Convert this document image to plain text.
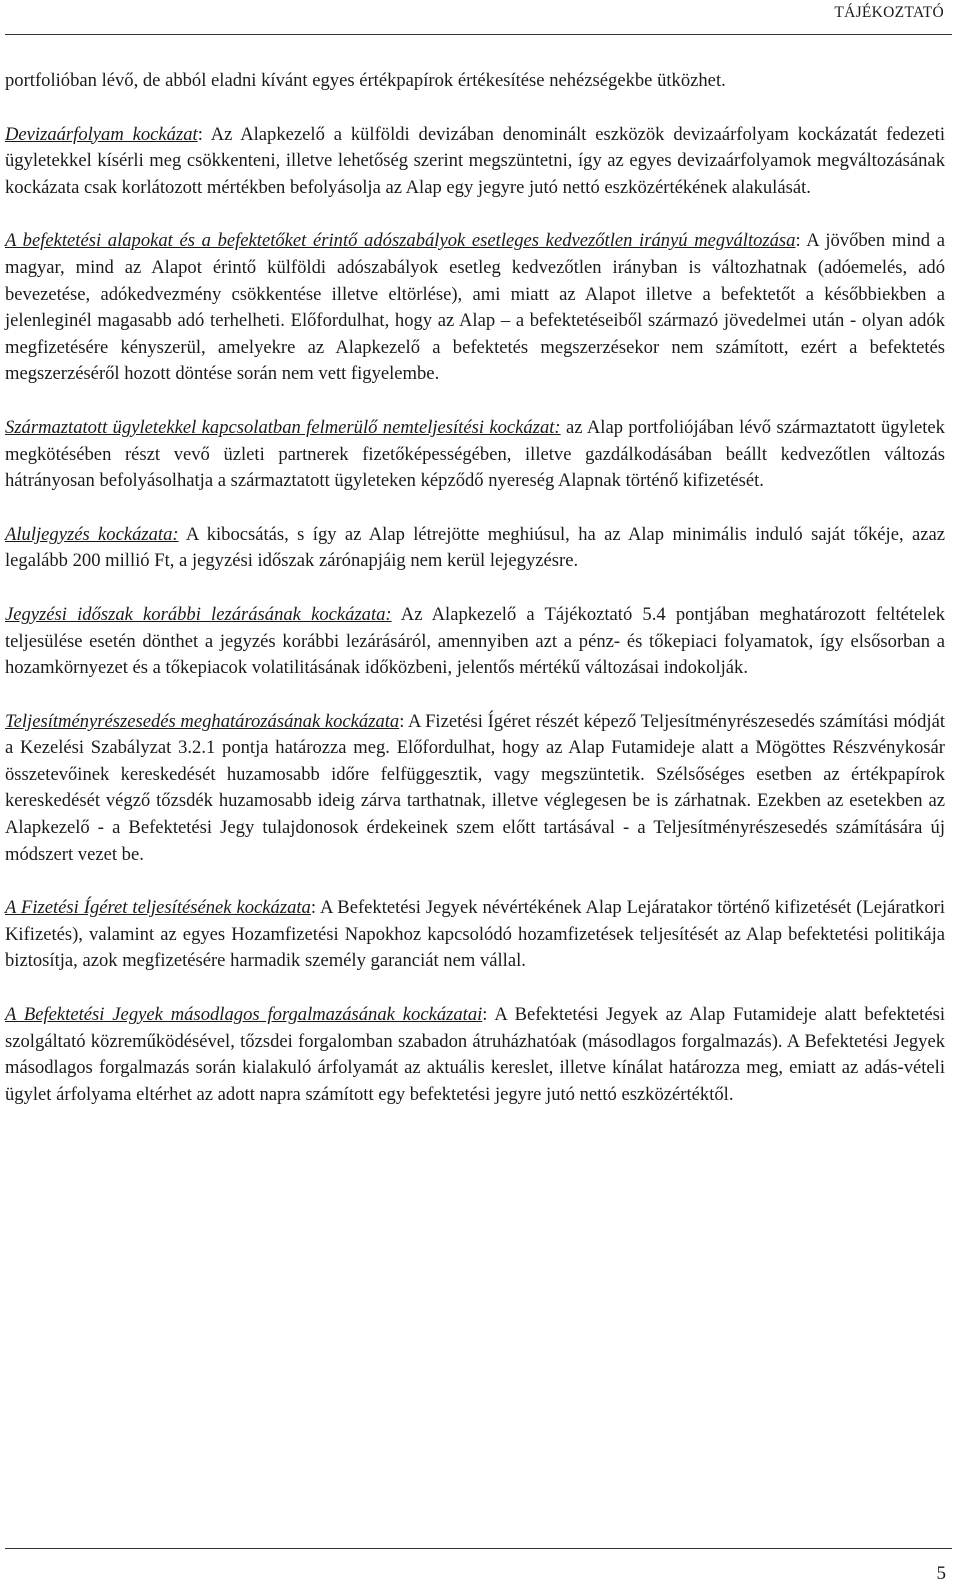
TÁJÉKOZTATÓ

portfolióban lévő, de abból eladni kívánt egyes értékpapírok értékesítése nehézségekbe ütközhet.

Devizaárfolyam kockázat: Az Alapkezelő a külföldi devizában denominált eszközök devizaárfolyam kockázatát fedezeti ügyletekkel kísérli meg csökkenteni, illetve lehetőség szerint megszüntetni, így az egyes devizaárfolyamok megváltozásának kockázata csak korlátozott mértékben befolyásolja az Alap egy jegyre jutó nettó eszközértékének alakulását.

A befektetési alapokat és a befektetőket érintő adószabályok esetleges kedvezőtlen irányú megváltozása: A jövőben mind a magyar, mind az Alapot érintő külföldi adószabályok esetleg kedvezőtlen irányban is változhatnak (adóemelés, adó bevezetése, adókedvezmény csökkentése illetve eltörlése), ami miatt az Alapot illetve a befektetőt a későbbiekben a jelenleginél magasabb adó terhelheti. Előfordulhat, hogy az Alap – a befektetéseiből származó jövedelmei után - olyan adók megfizetésére kényszerül, amelyekre az Alapkezelő a befektetés megszerzésekor nem számított, ezért a befektetés megszerzéséről hozott döntése során nem vett figyelembe.

Származtatott ügyletekkel kapcsolatban felmerülő nemteljesítési kockázat: az Alap portfoliójában lévő származtatott ügyletek megkötésében részt vevő üzleti partnerek fizetőképességében, illetve gazdálkodásában beállt kedvezőtlen változás hátrányosan befolyásolhatja a származtatott ügyleteken képződő nyereség Alapnak történő kifizetését.

Aluljegyzés kockázata: A kibocsátás, s így az Alap létrejötte meghiúsul, ha az Alap minimális induló saját tőkéje, azaz legalább 200 millió Ft, a jegyzési időszak zárónapjáig nem kerül lejegyzésre.

Jegyzési időszak korábbi lezárásának kockázata: Az Alapkezelő a Tájékoztató 5.4 pontjában meghatározott feltételek teljesülése esetén dönthet a jegyzés korábbi lezárásáról, amennyiben azt a pénz- és tőkepiaci folyamatok, így elsősorban a hozamkörnyezet és a tőkepiacok volatilitásának időközbeni, jelentős mértékű változásai indokolják.

Teljesítményrészesedés meghatározásának kockázata: A Fizetési Ígéret részét képező Teljesítményrészesedés számítási módját a Kezelési Szabályzat 3.2.1 pontja határozza meg. Előfordulhat, hogy az Alap Futamideje alatt a Mögöttes Részvénykosár összetevőinek kereskedését huzamosabb időre felfüggesztik, vagy megszüntetik. Szélsőséges esetben az értékpapírok kereskedését végző tőzsdék huzamosabb ideig zárva tarthatnak, illetve véglegesen be is zárhatnak. Ezekben az esetekben az Alapkezelő - a Befektetési Jegy tulajdonosok érdekeinek szem előtt tartásával - a Teljesítményrészesedés számítására új módszert vezet be.

A Fizetési Ígéret teljesítésének kockázata: A Befektetési Jegyek névértékének Alap Lejáratakor történő kifizetését (Lejáratkori Kifizetés), valamint az egyes Hozamfizetési Napokhoz kapcsolódó hozamfizetések teljesítését az Alap befektetési politikája biztosítja, azok megfizetésére harmadik személy garanciát nem vállal.

A Befektetési Jegyek másodlagos forgalmazásának kockázatai: A Befektetési Jegyek az Alap Futamideje alatt befektetési szolgáltató közreműködésével, tőzsdei forgalomban szabadon átruházhatóak (másodlagos forgalmazás). A Befektetési Jegyek másodlagos forgalmazás során kialakuló árfolyamát az aktuális kereslet, illetve kínálat határozza meg, emiatt az adás-vételi ügylet árfolyama eltérhet az adott napra számított egy befektetési jegyre jutó nettó eszközértéktől.

5
